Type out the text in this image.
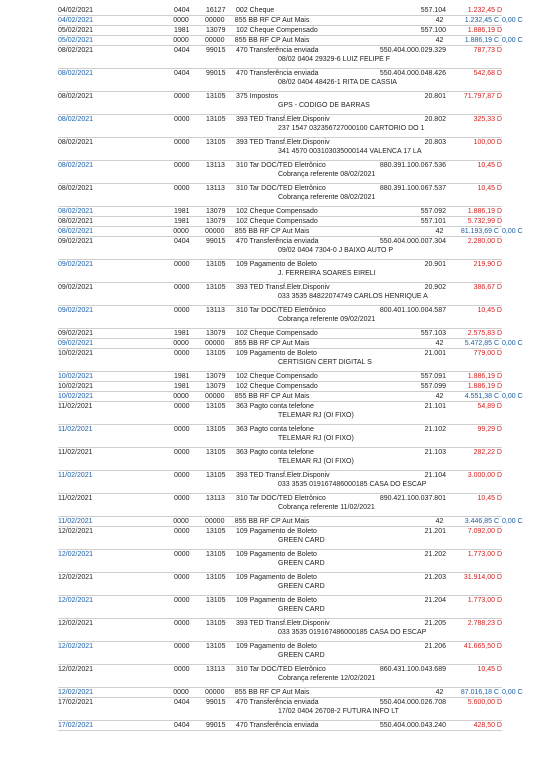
04/02/2021	0404	16127	002 Cheque	557.104	1.232,45 D
04/02/2021	0000	00000	855 BB RF CP Aut Mais	42	1.232,45 C 0,00 C
05/02/2021	1981	13079	102 Cheque Compensado	557.100	1.886,19 D
05/02/2021	0000	00000	855 BB RF CP Aut Mais	42	1.886,19 C 0,00 C
08/02/2021	0404	99015	470 Transferência enviada	550.404.000.029.329	787,73 D
08/02 0404 29329-6 LUIZ FELIPE F
08/02/2021	0404	99015	470 Transferência enviada	550.404.000.048.426	542,68 D
08/02 0404 48426-1 RITA DE CASSIA
08/02/2021	0000	13105	375 Impostos	20.801	71.797,87 D
GPS - CODIGO DE BARRAS
08/02/2021	0000	13105	393 TED Transf.Eletr.Disponiv	20.802	325,33 D
237 1547 032356727000100 CARTORIO DO 1
08/02/2021	0000	13105	393 TED Transf.Eletr.Disponiv	20.803	100,00 D
341 4570 003103035000144 VALENCA 17 LA
08/02/2021	0000	13113	310 Tar DOC/TED Eletrônico	880.391.100.067.536	10,45 D
Cobrança referente 08/02/2021
08/02/2021	0000	13113	310 Tar DOC/TED Eletrônico	880.391.100.067.537	10,45 D
Cobrança referente 08/02/2021
08/02/2021	1981	13079	102 Cheque Compensado	557.092	1.886,19 D
08/02/2021	1981	13079	102 Cheque Compensado	557.101	5.732,99 D
08/02/2021	0000	00000	855 BB RF CP Aut Mais	42	81.193,69 C 0,00 C
09/02/2021	0404	99015	470 Transferência enviada	550.404.000.007.304	2.280,00 D
09/02 0404 7304-0 J BAIXO AUTO P
09/02/2021	0000	13105	109 Pagamento de Boleto	20.901	219,90 D
J. FERREIRA SOARES EIRELI
09/02/2021	0000	13105	393 TED Transf.Eletr.Disponiv	20.902	386,67 D
033 3535 84822074749 CARLOS HENRIQUE A
09/02/2021	0000	13113	310 Tar DOC/TED Eletrônico	800.401.100.004.587	10,45 D
Cobrança referente 09/02/2021
09/02/2021	1981	13079	102 Cheque Compensado	557.103	2.575,83 D
09/02/2021	0000	00000	855 BB RF CP Aut Mais	42	5.472,85 C 0,00 C
10/02/2021	0000	13105	109 Pagamento de Boleto	21.001	779,00 D
CERTISIGN CERT DIGITAL S
10/02/2021	1981	13079	102 Cheque Compensado	557.091	1.886,19 D
10/02/2021	1981	13079	102 Cheque Compensado	557.099	1.886,19 D
10/02/2021	0000	00000	855 BB RF CP Aut Mais	42	4.551,38 C 0,00 C
11/02/2021	0000	13105	363 Pagto conta telefone	21.101	54,89 D
TELEMAR RJ (OI FIXO)
11/02/2021	0000	13105	363 Pagto conta telefone	21.102	99,29 D
TELEMAR RJ (OI FIXO)
11/02/2021	0000	13105	363 Pagto conta telefone	21.103	282,22 D
TELEMAR RJ (OI FIXO)
11/02/2021	0000	13105	393 TED Transf.Eletr.Disponiv	21.104	3.000,00 D
033 3535 019167486000185 CASA DO ESCAP
11/02/2021	0000	13113	310 Tar DOC/TED Eletrônico	890.421.100.037.801	10,45 D
Cobrança referente 11/02/2021
11/02/2021	0000	00000	855 BB RF CP Aut Mais	42	3.446,85 C 0,00 C
12/02/2021	0000	13105	109 Pagamento de Boleto	21.201	7.092,00 D
GREEN CARD
12/02/2021	0000	13105	109 Pagamento de Boleto	21.202	1.773,00 D
GREEN CARD
12/02/2021	0000	13105	109 Pagamento de Boleto	21.203	31.914,00 D
GREEN CARD
12/02/2021	0000	13105	109 Pagamento de Boleto	21.204	1.773,00 D
GREEN CARD
12/02/2021	0000	13105	393 TED Transf.Eletr.Disponiv	21.205	2.788,23 D
033 3535 019167486000185 CASA DO ESCAP
12/02/2021	0000	13105	109 Pagamento de Boleto	21.206	41.665,50 D
GREEN CARD
12/02/2021	0000	13113	310 Tar DOC/TED Eletrônico	860.431.100.043.689	10,45 D
Cobrança referente 12/02/2021
12/02/2021	0000	00000	855 BB RF CP Aut Mais	42	87.016,18 C 0,00 C
17/02/2021	0404	99015	470 Transferência enviada	550.404.000.026.708	5.600,00 D
17/02 0404 26708-2 FUTURA INFO LT
17/02/2021	0404	99015	470 Transferência enviada	550.404.000.043.240	428,50 D
